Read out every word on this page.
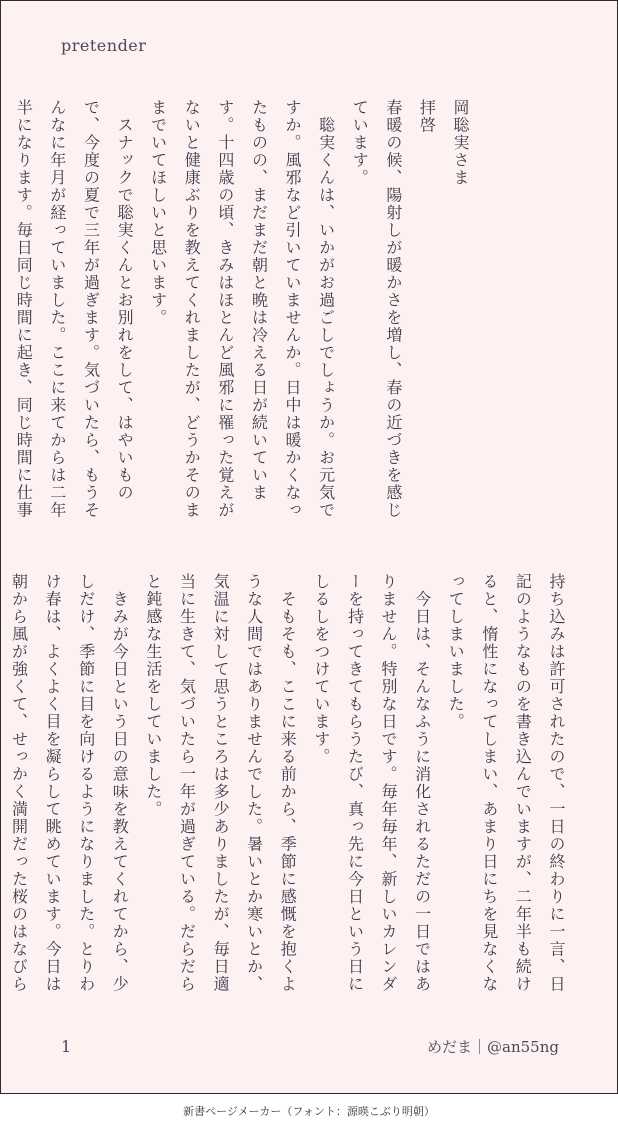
pretender

岡聡実さま

拝啓

春暖の候、陽射しが暖かさを増し、春の近づきを感じています。

　聡実くんは、いかがお過ごしでしょうか。お元気ですか。風邪など引いていませんか。日中は暖かくなったものの、まだまだ朝と晩は冷える日が続いています。十四歳の頃、きみはほとんど風邪に罹った覚えがないと健康ぶりを教えてくれましたが、どうかそのままでいてほしいと思います。

　スナックで聡実くんとお別れをして、はやいもので、今度の夏で三年が過ぎます。気づいたら、もうそんなに年月が経っていました。ここに来てからは二年半になります。毎日同じ時間に起き、同じ時間に仕事

持ち込みは許可されたので、一日の終わりに一言、日記のようなものを書き込んでいますが、二年半も続けると、惰性になってしまい、あまり日にちを見なくなってしまいました。

　今日は、そんなふうに消化されるただの一日ではありません。特別な日です。毎年毎年、新しいカレンダーを持ってきてもらうたび、真っ先に今日という日にしるしをつけています。

　そもそも、ここに来る前から、季節に感慨を抱くような人間ではありませんでした。暑いとか寒いとか、気温に対して思うところは多少ありましたが、毎日適当に生きて、気づいたら一年が過ぎている。だらだらと鈍感な生活をしていました。

　きみが今日という日の意味を教えてくれてから、少しだけ、季節に目を向けるようになりました。とりわけ春は、よくよく目を凝らして眺めています。今日は朝から風が強くて、せっかく満開だった桜のはなびら

1	めだま｜@an55ng
新書ページメーカー（フォント：源暎こぶり明朝）
